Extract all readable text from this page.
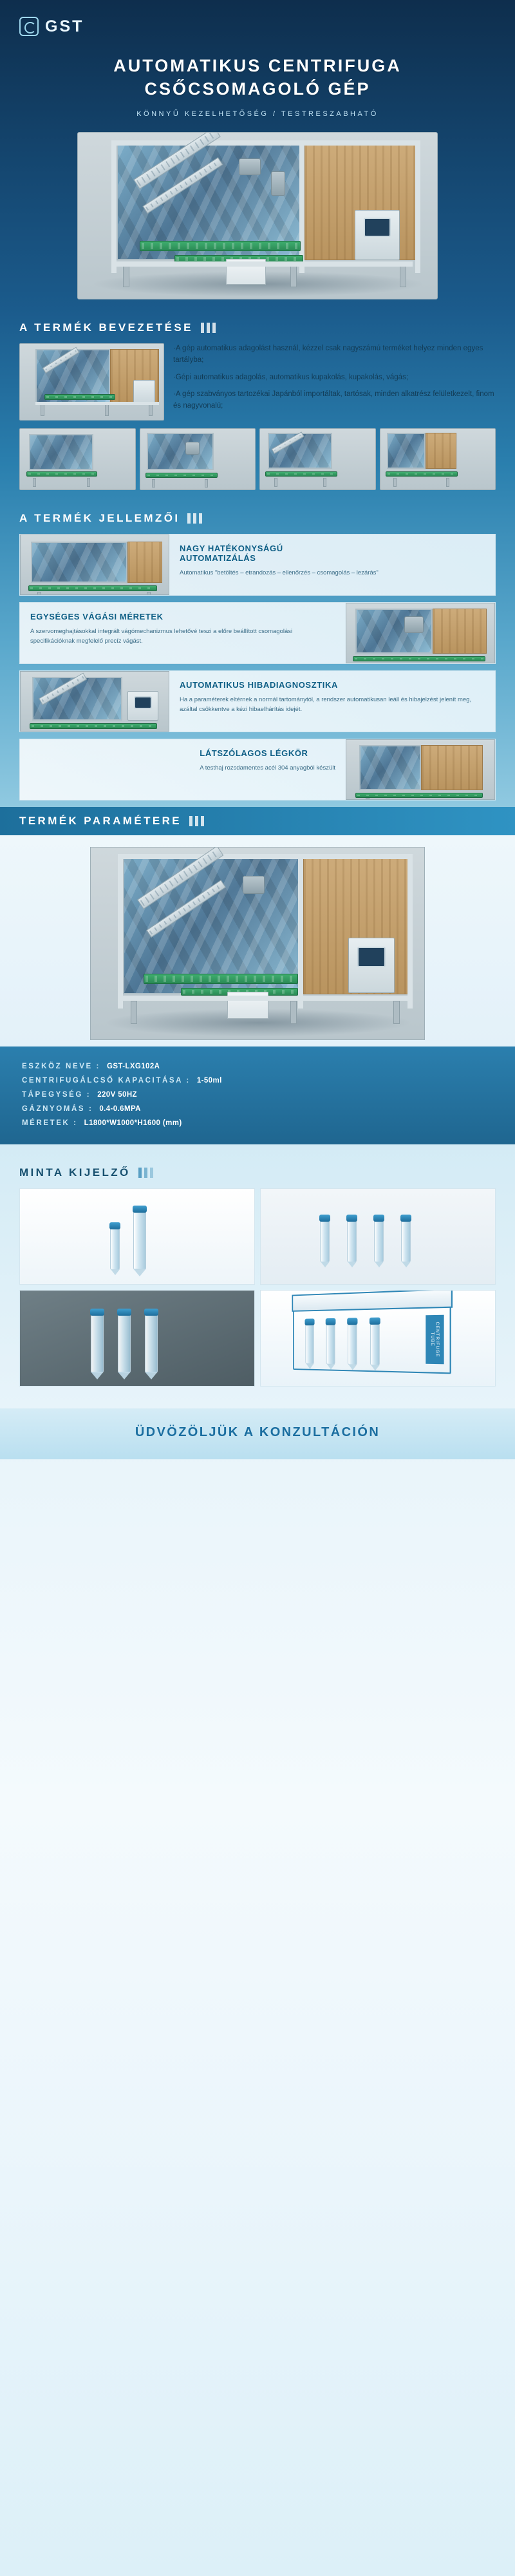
GST
AUTOMATIKUS CENTRIFUGA
CSŐCSOMAGOLÓ GÉP
KÖNNYŰ KEZELHETŐSÉG / TESTRESZABHATÓ
A TERMÉK BEVEZETÉSE

·A gép automatikus adagolást használ, kézzel csak nagyszámú terméket helyez minden egyes tartályba;

·Gépi automatikus adagolás, automatikus kupakolás, kupakolás, vágás;

·A gép szabványos tartozékai Japánból importáltak, tartósak, minden alkatrész felületkezelt, finom és nagyvonalú;

A TERMÉK JELLEMZŐI
NAGY HATÉKONYSÁGÚ
AUTOMATIZÁLÁS

Automatikus "betöltés – etrandozás – ellenőrzés – csomagolás – lezárás"

EGYSÉGES VÁGÁSI MÉRETEK

A szervomeghajtásokkal integrált vágómechanizmus lehetővé teszi a előre beállított csomagolási specifikációknak megfelelő precíz vágást.

AUTOMATIKUS HIBADIAGNOSZTIKA

Ha a paraméterek eltérnek a normál tartománytól, a rendszer automatikusan leáll és hibajelzést jelenít meg, azáltal csökkentve a kézi hibaelhárítás idejét.

LÁTSZÓLAGOS LÉGKÖR

A testhaj rozsdamentes acél 304 anyagból készült

TERMÉK PARAMÉTERE
ESZKÖZ NEVE : GST-LXG102A
CENTRIFUGÁLCSŐ KAPACITÁSA : 1-50ml
TÁPEGYSÉG : 220V 50HZ
GÁZNYOMÁS : 0.4-0.6MPA
MÉRETEK : L1800*W1000*H1600 (mm)
MINTA KIJELZŐ
CENTRIFUGE TUBE
ÜDVÖZÖLJÜK A KONZULTÁCIÓN
